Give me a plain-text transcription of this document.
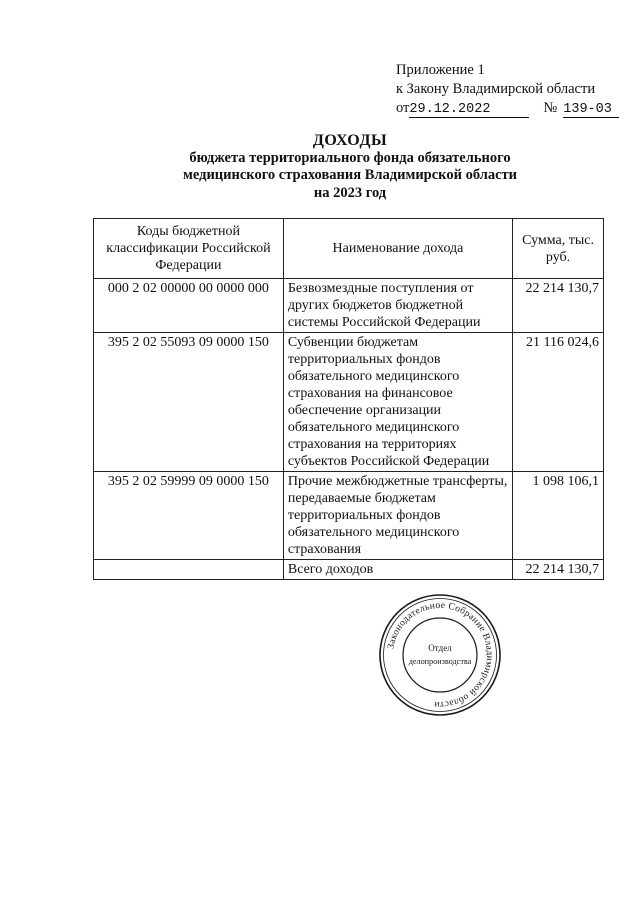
Приложение 1
к Закону Владимирской области
от29.12.2022	№ 139-03
ДОХОДЫ
бюджета территориального фонда обязательного
медицинского страхования Владимирской области
на 2023 год
Коды бюджетной классификации Российской Федерации	Наименование дохода	Сумма, тыс. руб.
000 2 02 00000 00 0000 000	Безвозмездные поступления от других бюджетов бюджетной системы Российской Федерации	22 214 130,7
395 2 02 55093 09 0000 150	Субвенции бюджетам территориальных фондов обязательного медицинского страхования на финансовое обеспечение организации обязательного медицинского страхования на территориях субъектов Российской Федерации	21 116 024,6
395 2 02 59999 09 0000 150	Прочие межбюджетные трансферты, передаваемые бюджетам территориальных фондов обязательного медицинского страхования	1 098 106,1
	Всего доходов	22 214 130,7
Законодательное Собрание Владимирской области
Отдел
делопроизводства
